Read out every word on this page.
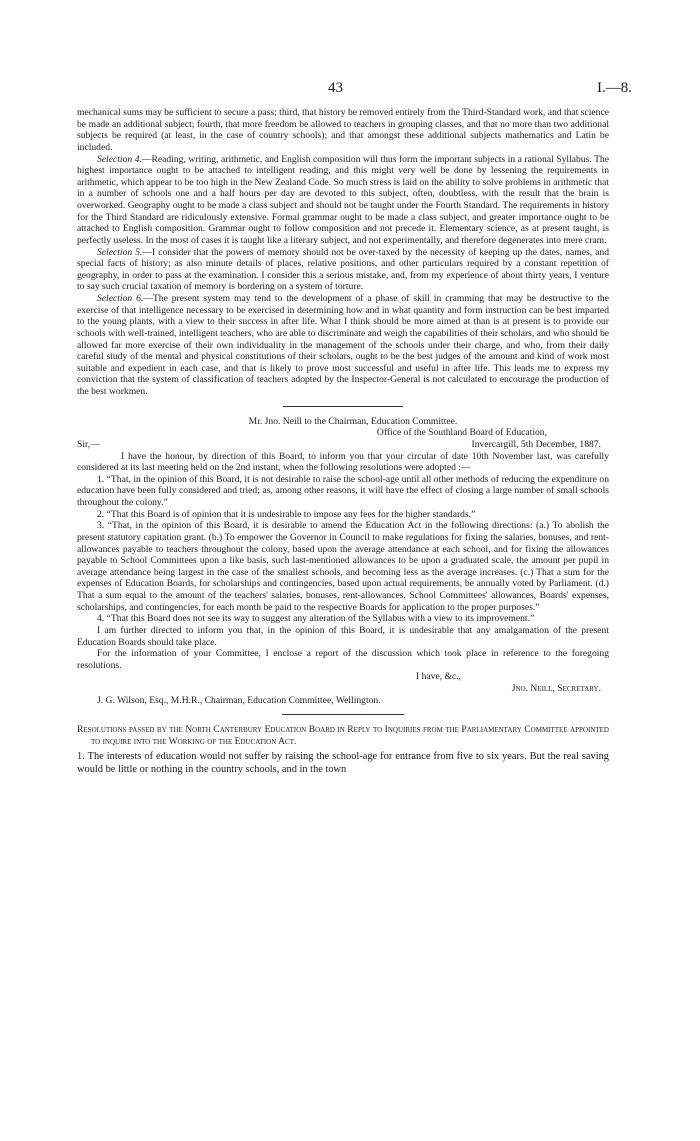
43	I.—8.

mechanical sums may be sufficient to secure a pass; third, that history be removed entirely from the Third-Standard work, and that science be made an additional subject; fourth, that more freedom be allowed to teachers in grouping classes, and that no more than two additional subjects be required (at least, in the case of country schools); and that amongst these additional subjects mathematics and Latin be included.

Selection 4.—Reading, writing, arithmetic, and English composition will thus form the important subjects in a rational Syllabus. The highest importance ought to be attached to intelligent reading, and this might very well be done by lessening the requirements in arithmetic, which appear to be too high in the New Zealand Code. So much stress is laid on the ability to solve problems in arithmetic that in a number of schools one and a half hours per day are devoted to this subject, often, doubtless, with the result that the brain is overworked. Geography ought to be made a class subject and should not be taught under the Fourth Standard. The requirements in history for the Third Standard are ridiculously extensive. Formal grammar ought to be made a class subject, and greater importance ought to be attached to English composition. Grammar ought to follow composition and not precede it. Elementary science, as at present taught, is perfectly useless. In the most of cases it is taught like a literary subject, and not experimentally, and therefore degenerates into mere cram.

Selection 5.—I consider that the powers of memory should not be over-taxed by the necessity of keeping up the dates, names, and special facts of history; as also minute details of places, relative positions, and other particulars required by a constant repetition of geography, in order to pass at the examination. I consider this a serious mistake, and, from my experience of about thirty years, I venture to say such crucial taxation of memory is bordering on a system of torture.

Selection 6.—The present system may tend to the development of a phase of skill in cramming that may be destructive to the exercise of that intelligence necessary to be exercised in determining how and in what quantity and form instruction can be best imparted to the young plants, with a view to their success in after life. What I think should be more aimed at than is at present is to provide our schools with well-trained, intelligent teachers, who are able to discriminate and weigh the capabilities of their scholars, and who should be allowed far more exercise of their own individuality in the management of the schools under their charge, and who, from their daily careful study of the mental and physical constitutions of their scholars, ought to be the best judges of the amount and kind of work most suitable and expedient in each case, and that is likely to prove most successful and useful in after life. This leads me to express my conviction that the system of classification of teachers adopted by the Inspector-General is not calculated to encourage the production of the best workmen.

Mr. Jno. Neill to the Chairman, Education Committee.

Office of the Southland Board of Education,

Sir,—	Invercargill, 5th December, 1887.

I have the honour, by direction of this Board, to inform you that your circular of date 10th November last, was carefully considered at its last meeting held on the 2nd instant, when the following resolutions were adopted :—

1. “That, in the opinion of this Board, it is not desirable to raise the school-age until all other methods of reducing the expenditure on education have been fully considered and tried; as, among other reasons, it will have the effect of closing a large number of small schools throughout the colony.”

2. “That this Board is of opinion that it is undesirable to impose any fees for the higher standards.”

3. “That, in the opinion of this Board, it is desirable to amend the Education Act in the following directions: (a.) To abolish the present statutory capitation grant. (b.) To empower the Governor in Council to make regulations for fixing the salaries, bonuses, and rent-allowances payable to teachers throughout the colony, based upon the average attendance at each school, and for fixing the allowances payable to School Committees upon a like basis, such last-mentioned allowances to be upon a graduated scale, the amount per pupil in average attendance being largest in the case of the smallest schools, and becoming less as the average increases. (c.) That a sum for the expenses of Education Boards, for scholarships and contingencies, based upon actual requirements, be annually voted by Parliament. (d.) That a sum equal to the amount of the teachers' salaries, bonuses, rent-allowances, School Committees' allowances, Boards' expenses, scholarships, and contingencies, for each month be paid to the respective Boards for application to the proper purposes.”

4. “That this Board does not see its way to suggest any alteration of the Syllabus with a view to its improvement.”

I am further directed to inform you that, in the opinion of this Board, it is undesirable that any amalgamation of the present Education Boards should take place.

For the information of your Committee, I enclose a report of the discussion which took place in reference to the foregoing resolutions.

I have, &c.,

Jno. Neill, Secretary.

J. G. Wilson, Esq., M.H.R., Chairman, Education Committee, Wellington.

Resolutions passed by the North Canterbury Education Board in Reply to Inquiries from the Parliamentary Committee appointed to inquire into the Working of the Education Act.

1. The interests of education would not suffer by raising the school-age for entrance from five to six years. But the real saving would be little or nothing in the country schools, and in the town
